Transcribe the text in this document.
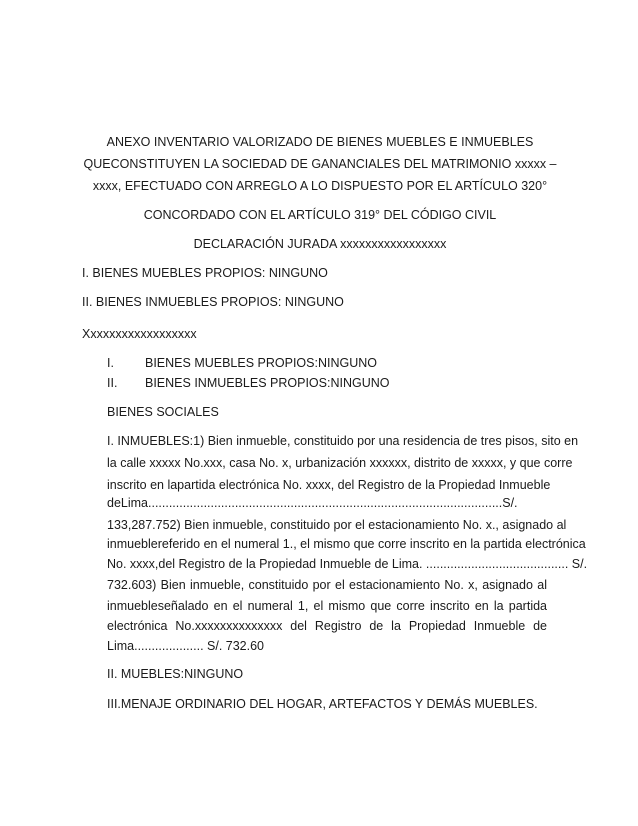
ANEXO INVENTARIO VALORIZADO DE BIENES MUEBLES E INMUEBLES
QUECONSTITUYEN LA SOCIEDAD DE GANANCIALES DEL MATRIMONIO xxxxx –
xxxx, EFECTUADO CON ARREGLO A LO DISPUESTO POR EL ARTÍCULO 320°
CONCORDADO CON EL ARTÍCULO 319° DEL CÓDIGO CIVIL
DECLARACIÓN JURADA xxxxxxxxxxxxxxxxx
I. BIENES MUEBLES PROPIOS: NINGUNO
II. BIENES INMUEBLES PROPIOS: NINGUNO
Xxxxxxxxxxxxxxxxxx
I. BIENES MUEBLES PROPIOS:NINGUNO
II. BIENES INMUEBLES PROPIOS:NINGUNO
BIENES SOCIALES
I. INMUEBLES:1) Bien inmueble, constituido por una residencia de tres pisos, sito en
la calle xxxxx No.xxx, casa No. x, urbanización xxxxxx, distrito de xxxxx, y que corre
inscrito en lapartida electrónica No. xxxx, del Registro de la Propiedad Inmueble
deLima......................................................................................................S/.
133,287.752) Bien inmueble, constituido por el estacionamiento No. x., asignado al
inmueblereferido en el numeral 1., el mismo que corre inscrito en la partida electrónica
No. xxxx,del Registro de la Propiedad Inmueble de Lima. ......................................... S/.
732.603) Bien inmueble, constituido por el estacionamiento No. x, asignado al
inmuebleseñalado en el numeral 1, el mismo que corre inscrito en la partida
electrónica No.xxxxxxxxxxxxxx del Registro de la Propiedad Inmueble de
Lima.................... S/. 732.60
II. MUEBLES:NINGUNO
III.MENAJE ORDINARIO DEL HOGAR, ARTEFACTOS Y DEMÁS MUEBLES.
